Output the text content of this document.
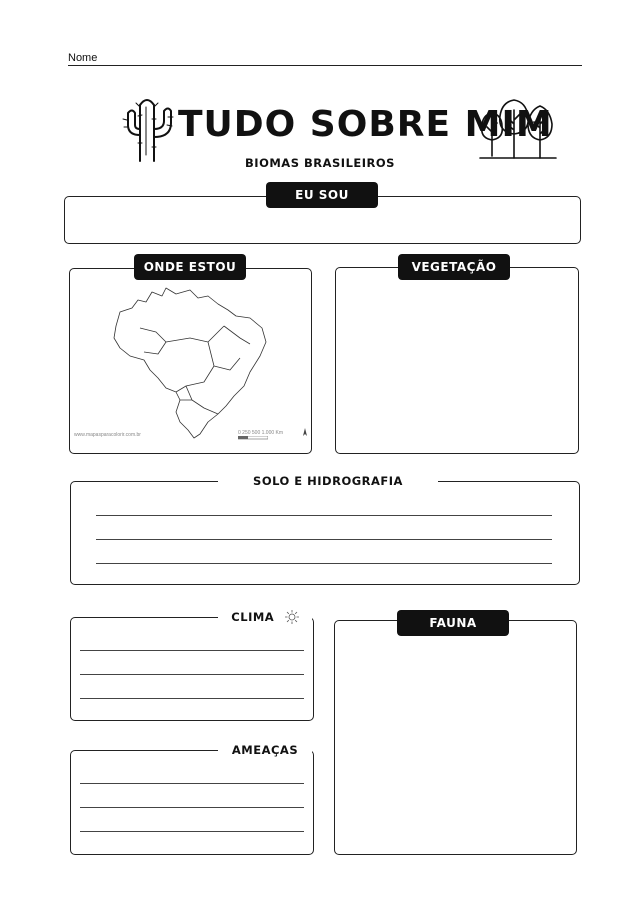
Nome
TUDO SOBRE MIM
BIOMAS BRASILEIROS
EU SOU
ONDE ESTOU
www.mapasparacolorir.com.br	0 250 500 1.000 Km
VEGETAÇÃO
SOLO E HIDROGRAFIA
CLIMA	FAUNA
AMEAÇAS
